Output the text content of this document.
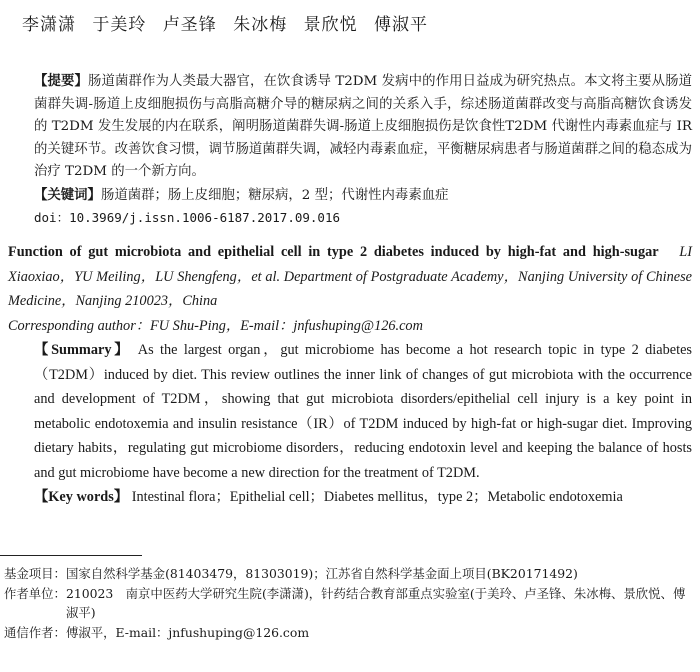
李潇潇 于美玲 卢圣锋 朱冰梅 景欣悦 傅淑平
【提要】肠道菌群作为人类最大器官，在饮食诱导 T2DM 发病中的作用日益成为研究热点。本文将主要从肠道菌群失调-肠道上皮细胞损伤与高脂高糖介导的糖尿病之间的关系入手，综述肠道菌群改变与高脂高糖饮食诱发的 T2DM 发生发展的内在联系，阐明肠道菌群失调-肠道上皮细胞损伤是饮食性T2DM 代谢性内毒素血症与 IR 的关键环节。改善饮食习惯，调节肠道菌群失调，减轻内毒素血症，平衡糖尿病患者与肠道菌群之间的稳态成为治疗 T2DM 的一个新方向。
【关键词】肠道菌群；肠上皮细胞；糖尿病，2 型；代谢性内毒素血症
doi：10.3969/j.issn.1006-6187.2017.09.016
Function of gut microbiota and epithelial cell in type 2 diabetes induced by high-fat and high-sugar　 LI Xiaoxiao，YU Meiling，LU Shengfeng，et al. Department of Postgraduate Academy，Nanjing University of Chinese Medicine，Nanjing 210023，China
Corresponding author：FU Shu-Ping，E-mail：jnfushuping@126.com
【Summary】 As the largest organ，gut microbiome has become a hot research topic in type 2 diabetes（T2DM）induced by diet. This review outlines the inner link of changes of gut microbiota with the occurrence and development of T2DM，showing that gut microbiota disorders/epithelial cell injury is a key point in metabolic endotoxemia and insulin resistance（IR）of T2DM induced by high-fat or high-sugar diet. Improving dietary habits，regulating gut microbiome disorders，reducing endotoxin level and keeping the balance of hosts and gut microbiome have become a new direction for the treatment of T2DM.
【Key words】 Intestinal flora；Epithelial cell；Diabetes mellitus，type 2；Metabolic endotoxemia
基金项目： 国家自然科学基金(81403479，81303019)；江苏省自然科学基金面上项目(BK20171492)
作者单位： 210023　南京中医药大学研究生院(李潇潇)，针药结合教育部重点实验室(于美玲、卢圣锋、朱冰梅、景欣悦、傅淑平)
通信作者： 傅淑平，E-mail：jnfushuping@126.com
